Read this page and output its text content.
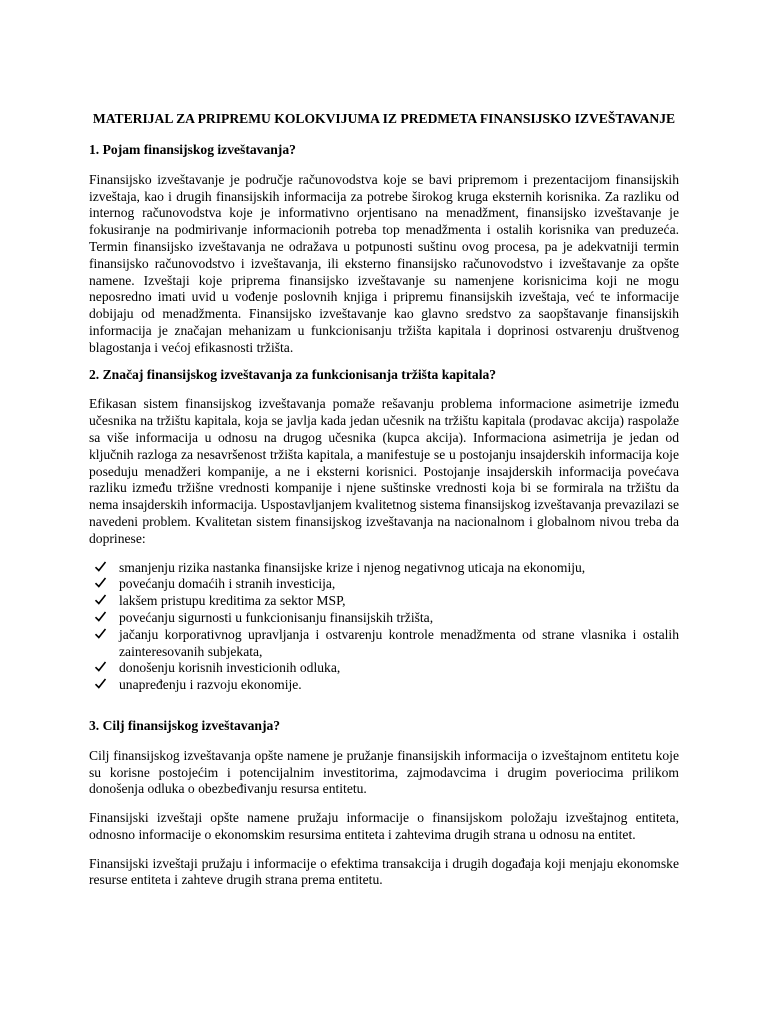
MATERIJAL ZA PRIPREMU KOLOKVIJUMA IZ PREDMETA FINANSIJSKO IZVEŠTAVANJE
1. Pojam finansijskog izveštavanja?
Finansijsko izveštavanje je područje računovodstva koje se bavi pripremom i prezentacijom finansijskih izveštaja, kao i drugih finansijskih informacija za potrebe širokog kruga eksternih korisnika. Za razliku od internog računovodstva koje je informativno orjentisano na menadžment, finansijsko izveštavanje je fokusiranje na podmirivanje informacionih potreba top menadžmenta i ostalih korisnika van preduzeća. Termin finansijsko izveštavanja ne odražava u potpunosti suštinu ovog procesa, pa je adekvatniji termin finansijsko računovodstvo i izveštavanja, ili eksterno finansijsko računovodstvo i izveštavanje za opšte namene. Izveštaji koje priprema finansijsko izveštavanje su namenjene korisnicima koji ne mogu neposredno imati uvid u vođenje poslovnih knjiga i pripremu finansijskih izveštaja, već te informacije dobijaju od menadžmenta. Finansijsko izveštavanje kao glavno sredstvo za saopštavanje finansijskih informacija je značajan mehanizam u funkcionisanju tržišta kapitala i doprinosi ostvarenju društvenog blagostanja i većoj efikasnosti tržišta.
2. Značaj finansijskog izveštavanja za funkcionisanja tržišta kapitala?
Efikasan sistem finansijskog izveštavanja pomaže rešavanju problema informacione asimetrije između učesnika na tržištu kapitala, koja se javlja kada jedan učesnik na tržištu kapitala (prodavac akcija) raspolaže sa više informacija u odnosu na drugog učesnika (kupca akcija). Informaciona asimetrija je jedan od ključnih razloga za nesavršenost tržišta kapitala, a manifestuje se u postojanju insajderskih informacija koje poseduju menadžeri kompanije, a ne i eksterni korisnici. Postojanje insajderskih informacija povećava razliku između tržišne vrednosti kompanije i njene suštinske vrednosti koja bi se formirala na tržištu da nema insajderskih informacija. Uspostavljanjem kvalitetnog sistema finansijskog izveštavanja prevazilazi se navedeni problem. Kvalitetan sistem finansijskog izveštavanja na nacionalnom i globalnom nivou treba da doprinese:
smanjenju rizika nastanka finansijske krize i njenog negativnog uticaja na ekonomiju,
povećanju domaćih i stranih investicija,
lakšem pristupu kreditima za sektor MSP,
povećanju sigurnosti u funkcionisanju finansijskih tržišta,
jačanju korporativnog upravljanja i ostvarenju kontrole menadžmenta od strane vlasnika i ostalih zainteresovanih subjekata,
donošenju korisnih investicionih odluka,
unapređenju i razvoju ekonomije.
3. Cilj finansijskog izveštavanja?
Cilj finansijskog izveštavanja opšte namene je pružanje finansijskih informacija o izveštajnom entitetu koje su korisne postojećim i potencijalnim investitorima, zajmodavcima i drugim poveriocima prilikom donošenja odluka o obezbeđivanju resursa entitetu.
Finansijski izveštaji opšte namene pružaju informacije o finansijskom položaju izveštajnog entiteta, odnosno informacije o ekonomskim resursima entiteta i zahtevima drugih strana u odnosu na entitet.
Finansijski izveštaji pružaju i informacije o efektima transakcija i drugih događaja koji menjaju ekonomske resurse entiteta i zahteve drugih strana prema entitetu.
